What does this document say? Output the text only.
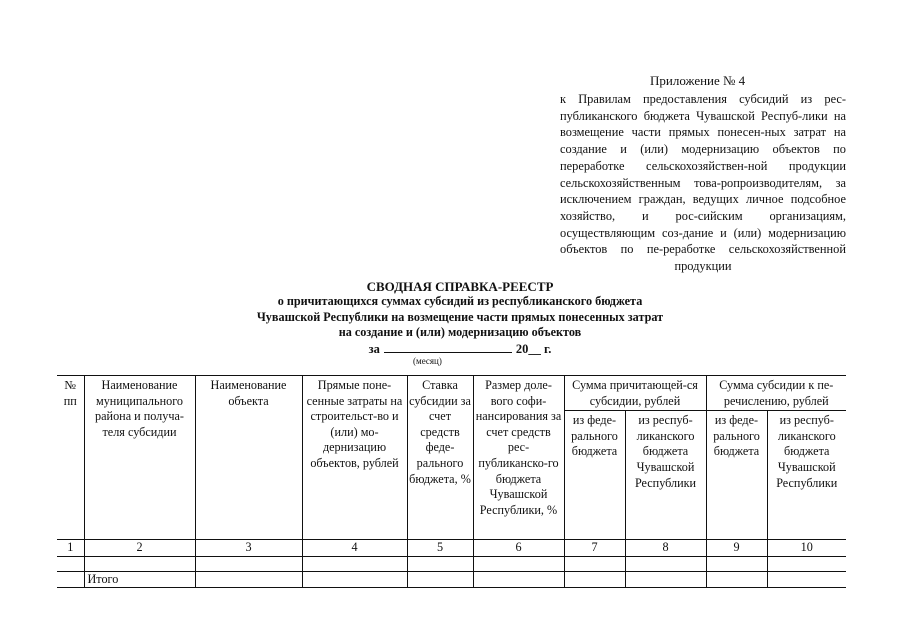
Приложение № 4
к Правилам предоставления субсидий из рес-публиканского бюджета Чувашской Респуб-лики на возмещение части прямых понесен-ных затрат на создание и (или) модернизацию объектов по переработке сельскохозяйствен-ной продукции сельскохозяйственным това-ропроизводителям, за исключением граждан, ведущих личное подсобное хозяйство, и рос-сийским организациям, осуществляющим соз-дание и (или) модернизацию объектов по пе-реработке сельскохозяйственной продукции
СВОДНАЯ СПРАВКА-РЕЕСТР
о причитающихся суммах субсидий из республиканского бюджета
Чувашской Республики на возмещение части прямых понесенных затрат
на создание и (или) модернизацию объектов
за	20__ г.
(месяц)
№ пп	Наименование муниципального района и получа-теля субсидии	Наименование объекта	Прямые поне-сенные затраты на строительст-во и (или) мо-дернизацию объектов, рублей	Ставка субсидии за счет средств феде-рального бюджета, %	Размер доле-вого софи-нансирования за счет средств рес-публиканско-го бюджета Чувашской Республики, %	Сумма причитающей-ся субсидии, рублей		Сумма субсидии к пе-речислению, рублей	
						из феде-рального бюджета	из респуб-ликанского бюджета Чувашской Республики	из феде-рального бюджета	из респуб-ликанского бюджета Чувашской Республики
1	2	3	4	5	6	7	8	9	10

	Итого								
